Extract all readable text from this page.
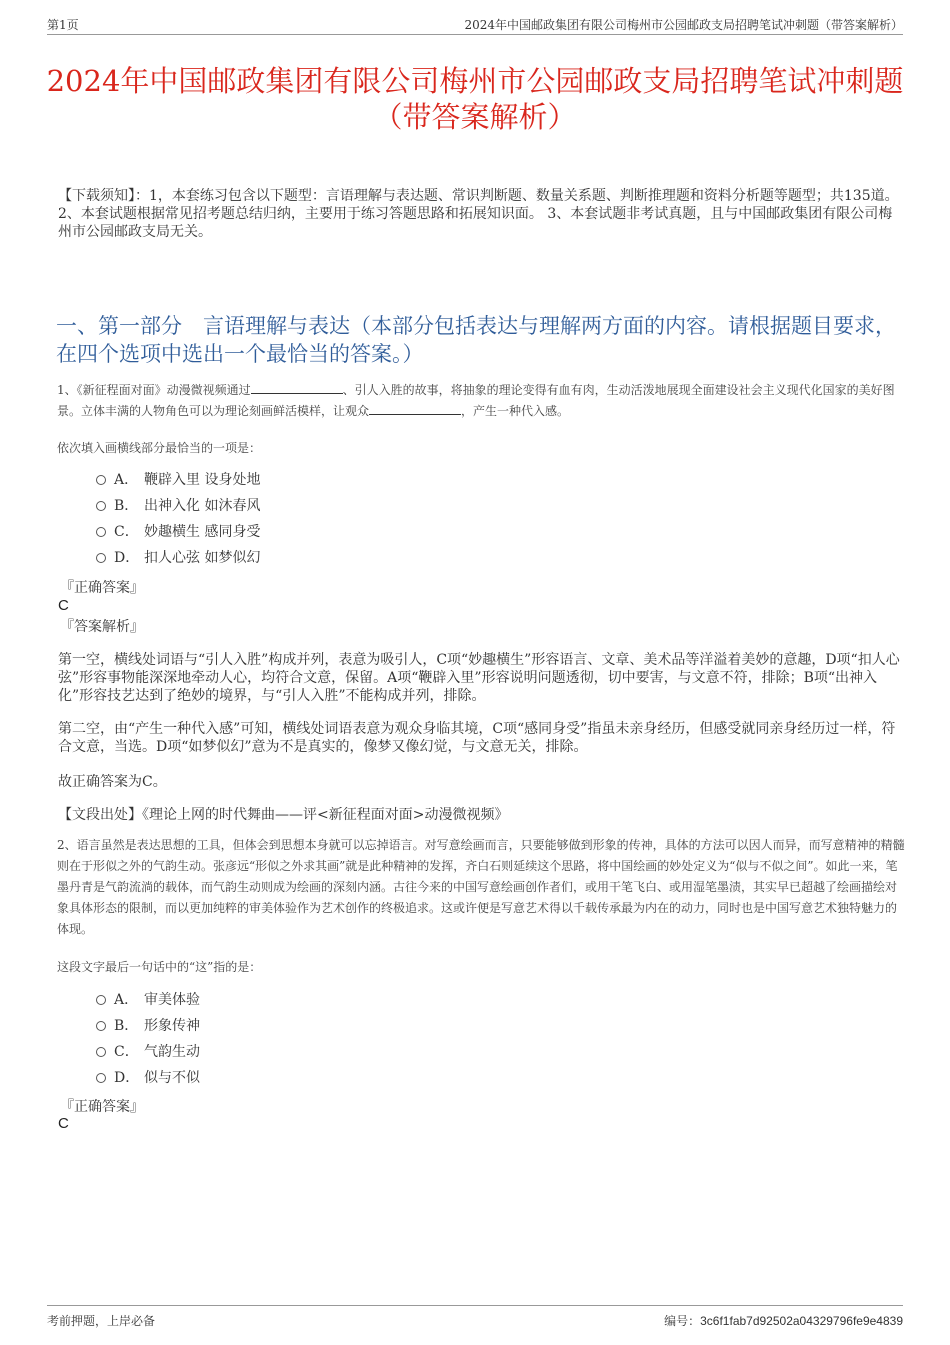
第1页	2024年中国邮政集团有限公司梅州市公园邮政支局招聘笔试冲刺题（带答案解析）
2024年中国邮政集团有限公司梅州市公园邮政支局招聘笔试冲刺题（带答案解析）
【下载须知】：1，本套练习包含以下题型：言语理解与表达题、常识判断题、数量关系题、判断推理题和资料分析题等题型；共135道。 2、本套试题根据常见招考题总结归纳，主要用于练习答题思路和拓展知识面。 3、本套试题非考试真题，且与中国邮政集团有限公司梅州市公园邮政支局无关。
一、第一部分　言语理解与表达（本部分包括表达与理解两方面的内容。请根据题目要求，在四个选项中选出一个最恰当的答案。）
1、《新征程面对面》动漫微视频通过	、引人入胜的故事，将抽象的理论变得有血有肉，生动活泼地展现全面建设社会主义现代化国家的美好图景。立体丰满的人物角色可以为理论刻画鲜活模样，让观众	，产生一种代入感。
依次填入画横线部分最恰当的一项是：
A． 鞭辟入里 设身处地
B． 出神入化 如沐春风
C． 妙趣横生 感同身受
D． 扣人心弦 如梦似幻
『正确答案』
C
『答案解析』
第一空，横线处词语与“引人入胜”构成并列，表意为吸引人，C项“妙趣横生”形容语言、文章、美术品等洋溢着美妙的意趣，D项“扣人心弦”形容事物能深深地牵动人心，均符合文意，保留。A项“鞭辟入里”形容说明问题透彻，切中要害，与文意不符，排除；B项“出神入化”形容技艺达到了绝妙的境界，与“引人入胜”不能构成并列，排除。
第二空，由“产生一种代入感”可知，横线处词语表意为观众身临其境，C项“感同身受”指虽未亲身经历，但感受就同亲身经历过一样，符合文意，当选。D项“如梦似幻”意为不是真实的，像梦又像幻觉，与文意无关，排除。
故正确答案为C。
【文段出处】《理论上网的时代舞曲——评<新征程面对面>动漫微视频》
2、语言虽然是表达思想的工具，但体会到思想本身就可以忘掉语言。对写意绘画而言，只要能够做到形象的传神，具体的方法可以因人而异，而写意精神的精髓则在于形似之外的气韵生动。张彦远“形似之外求其画”就是此种精神的发挥，齐白石则延续这个思路，将中国绘画的妙处定义为“似与不似之间”。如此一来，笔墨丹青是气韵流淌的载体，而气韵生动则成为绘画的深刻内涵。古往今来的中国写意绘画创作者们，或用干笔飞白、或用湿笔墨渍，其实早已超越了绘画描绘对象具体形态的限制，而以更加纯粹的审美体验作为艺术创作的终极追求。这或许便是写意艺术得以千载传承最为内在的动力，同时也是中国写意艺术独特魅力的体现。
这段文字最后一句话中的“这”指的是：
A． 审美体验
B． 形象传神
C． 气韵生动
D． 似与不似
『正确答案』
C
考前押题，上岸必备	编号：3c6f1fab7d92502a04329796fe9e4839
